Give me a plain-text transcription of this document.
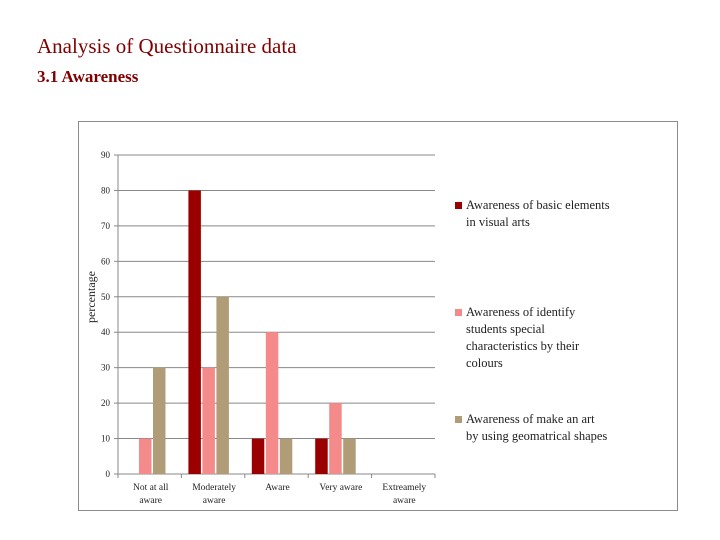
Analysis of Questionnaire data
3.1 Awareness
0
10
20
30
40
50
60
70
80
90
Not at all aware
Moderately aware
Aware	Very aware Extreamely aware
Awareness of basic elements in visual arts
Awareness of identify students special characteristics by their colours
Awareness of make an art by using geomatrical shapes
percentage
